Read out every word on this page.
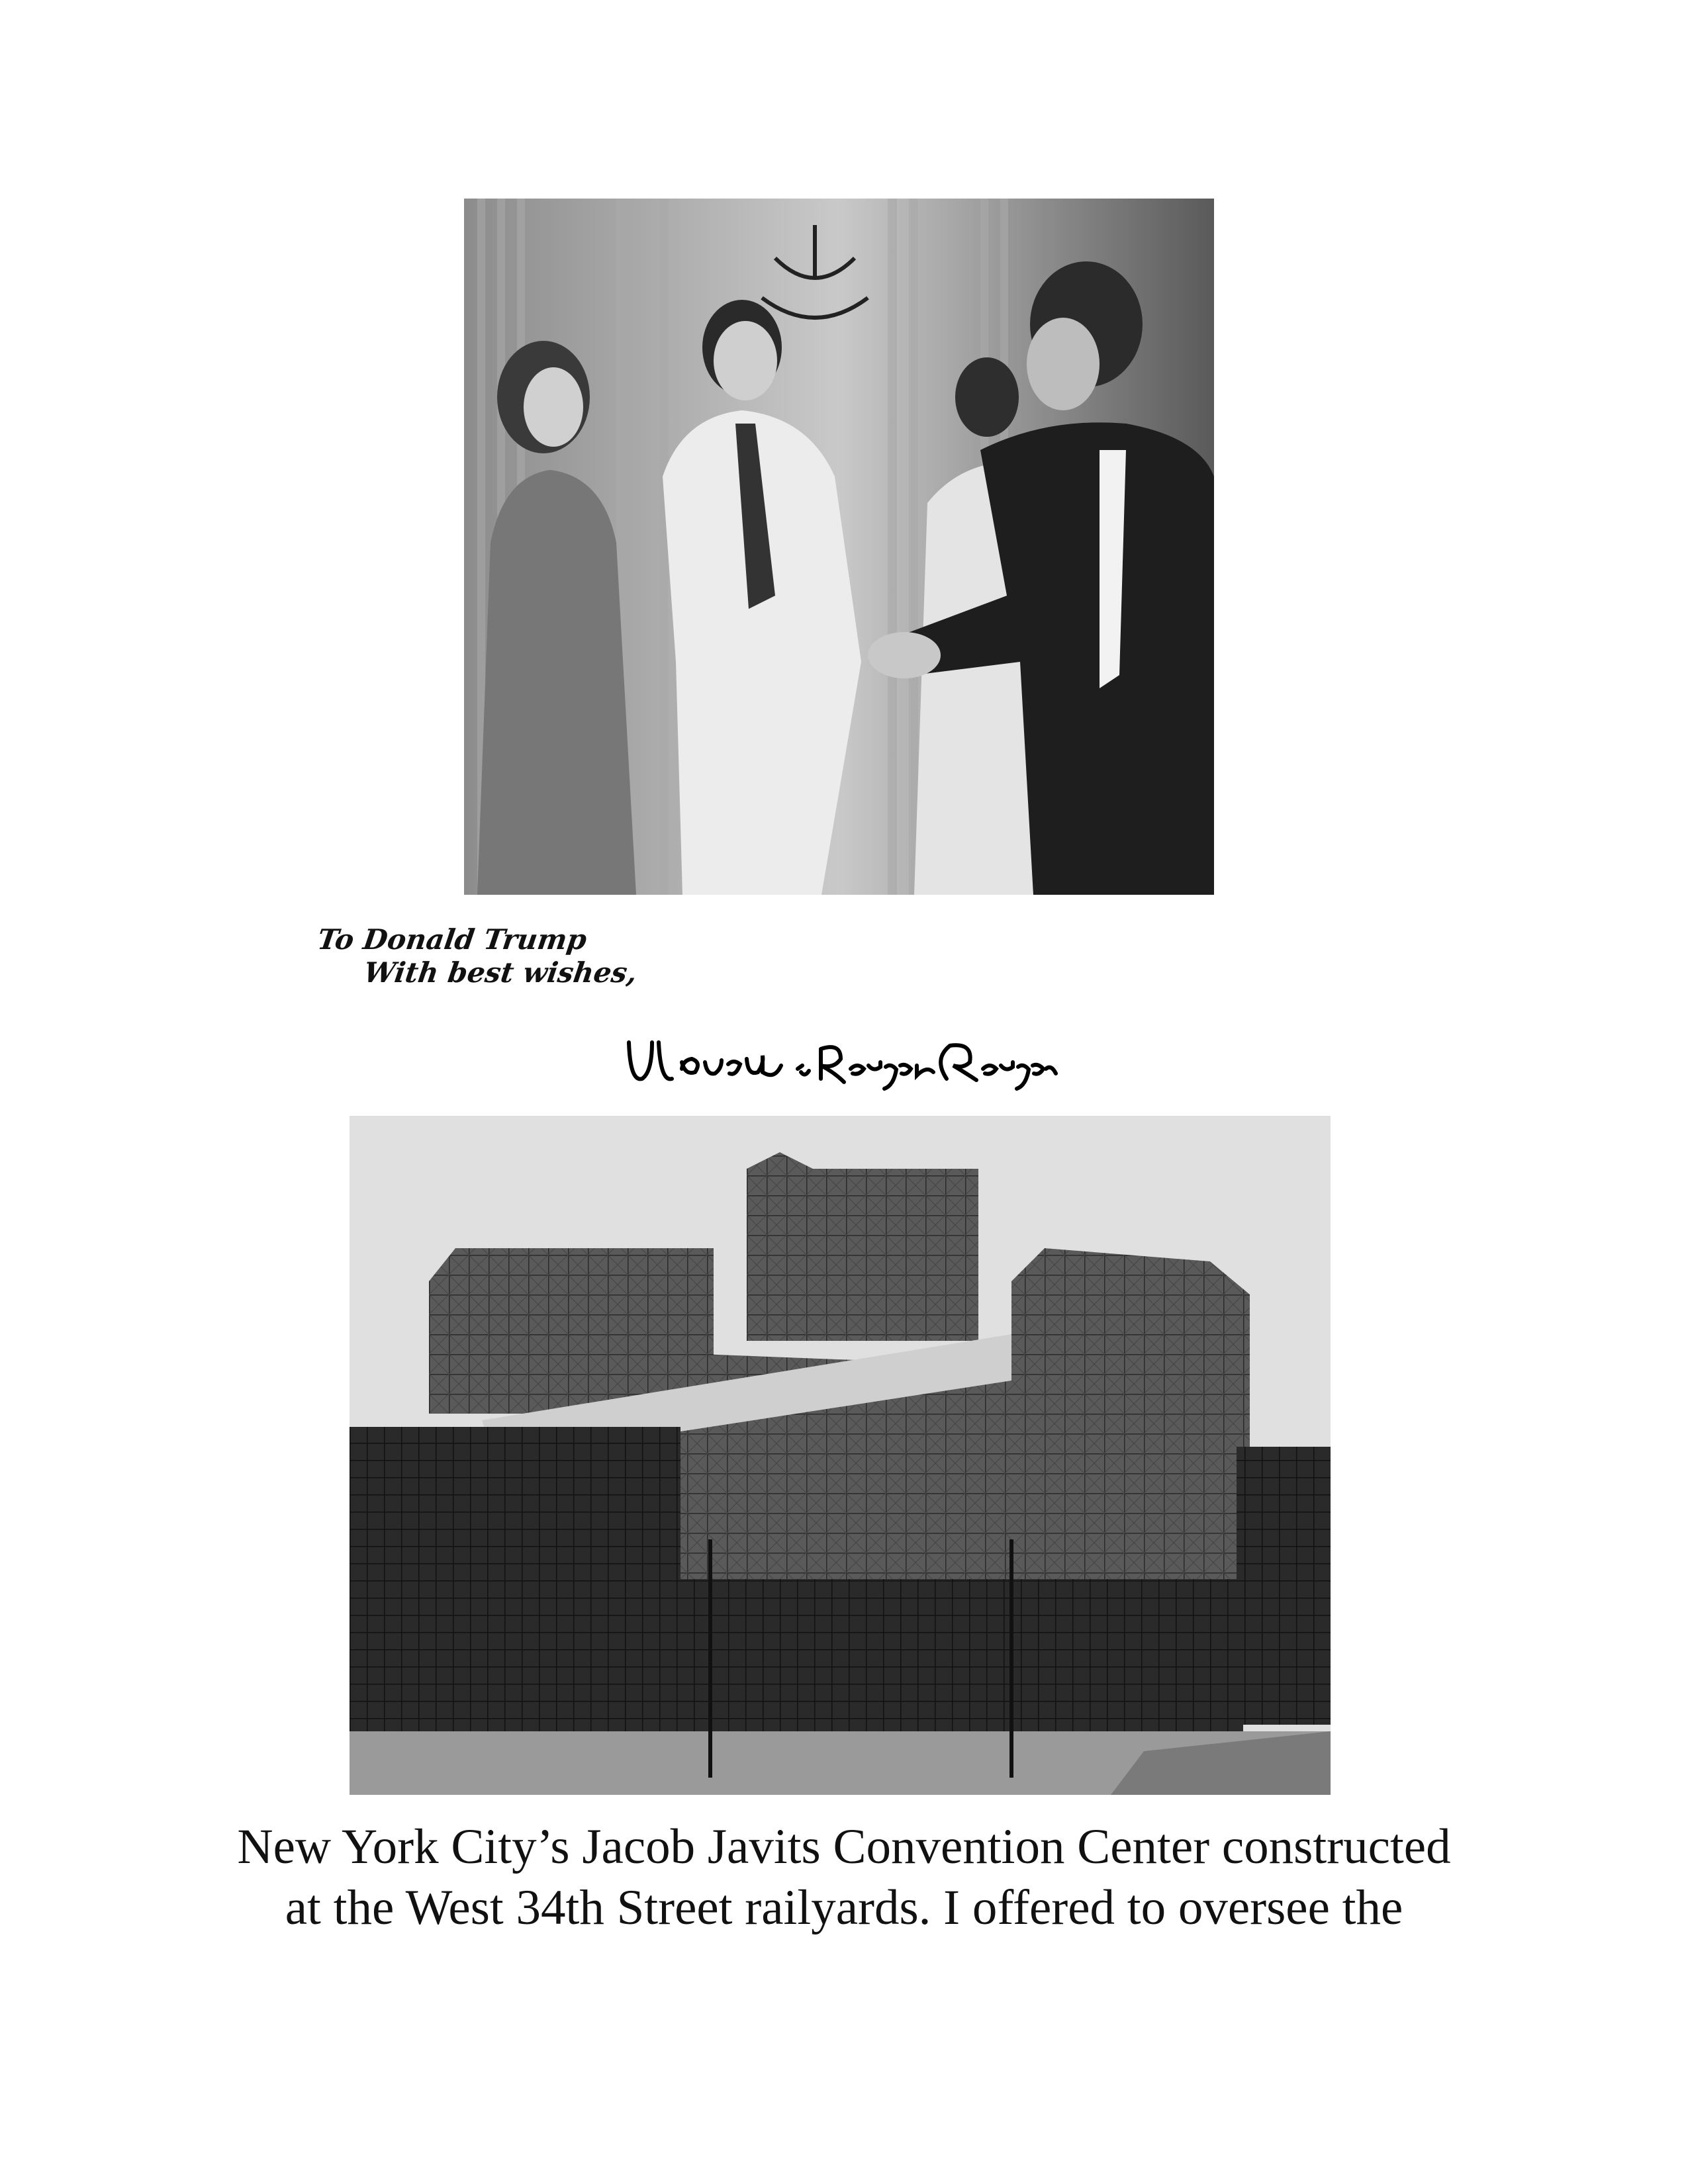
To Donald Trump
With best wishes,
New York City’s Jacob Javits Convention Center constructed
at the West 34th Street railyards. I offered to oversee the
